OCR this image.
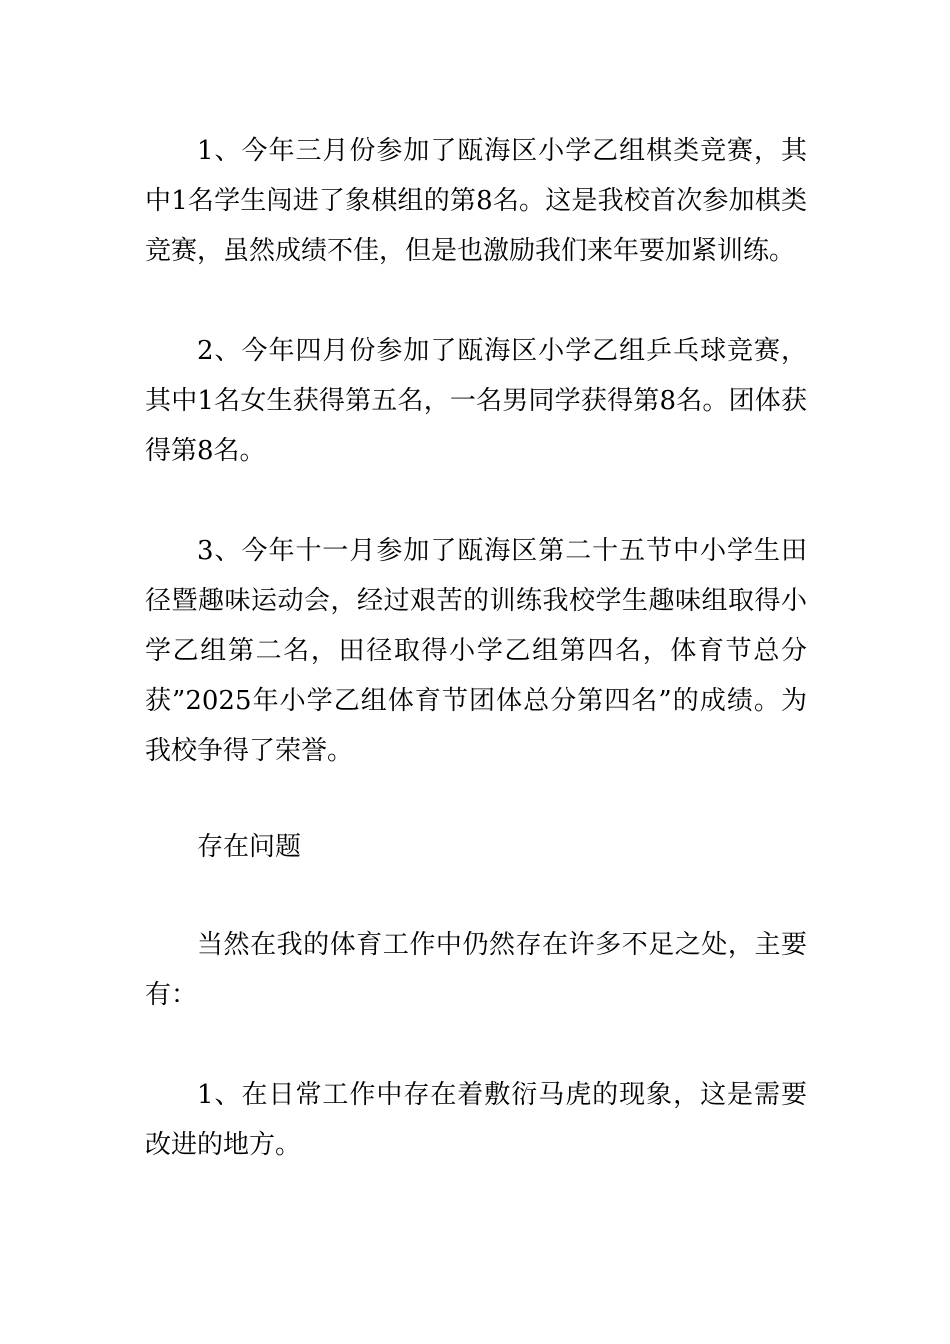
1、今年三月份参加了瓯海区小学乙组棋类竞赛，其中1名学生闯进了象棋组的第8名。这是我校首次参加棋类竞赛，虽然成绩不佳，但是也激励我们来年要加紧训练。

2、今年四月份参加了瓯海区小学乙组乒乓球竞赛，其中1名女生获得第五名，一名男同学获得第8名。团体获得第8名。

3、今年十一月参加了瓯海区第二十五节中小学生田径暨趣味运动会，经过艰苦的训练我校学生趣味组取得小学乙组第二名，田径取得小学乙组第四名，体育节总分获”2025年小学乙组体育节团体总分第四名”的成绩。为我校争得了荣誉。

存在问题

当然在我的体育工作中仍然存在许多不足之处，主要有：

1、在日常工作中存在着敷衍马虎的现象，这是需要改进的地方。
